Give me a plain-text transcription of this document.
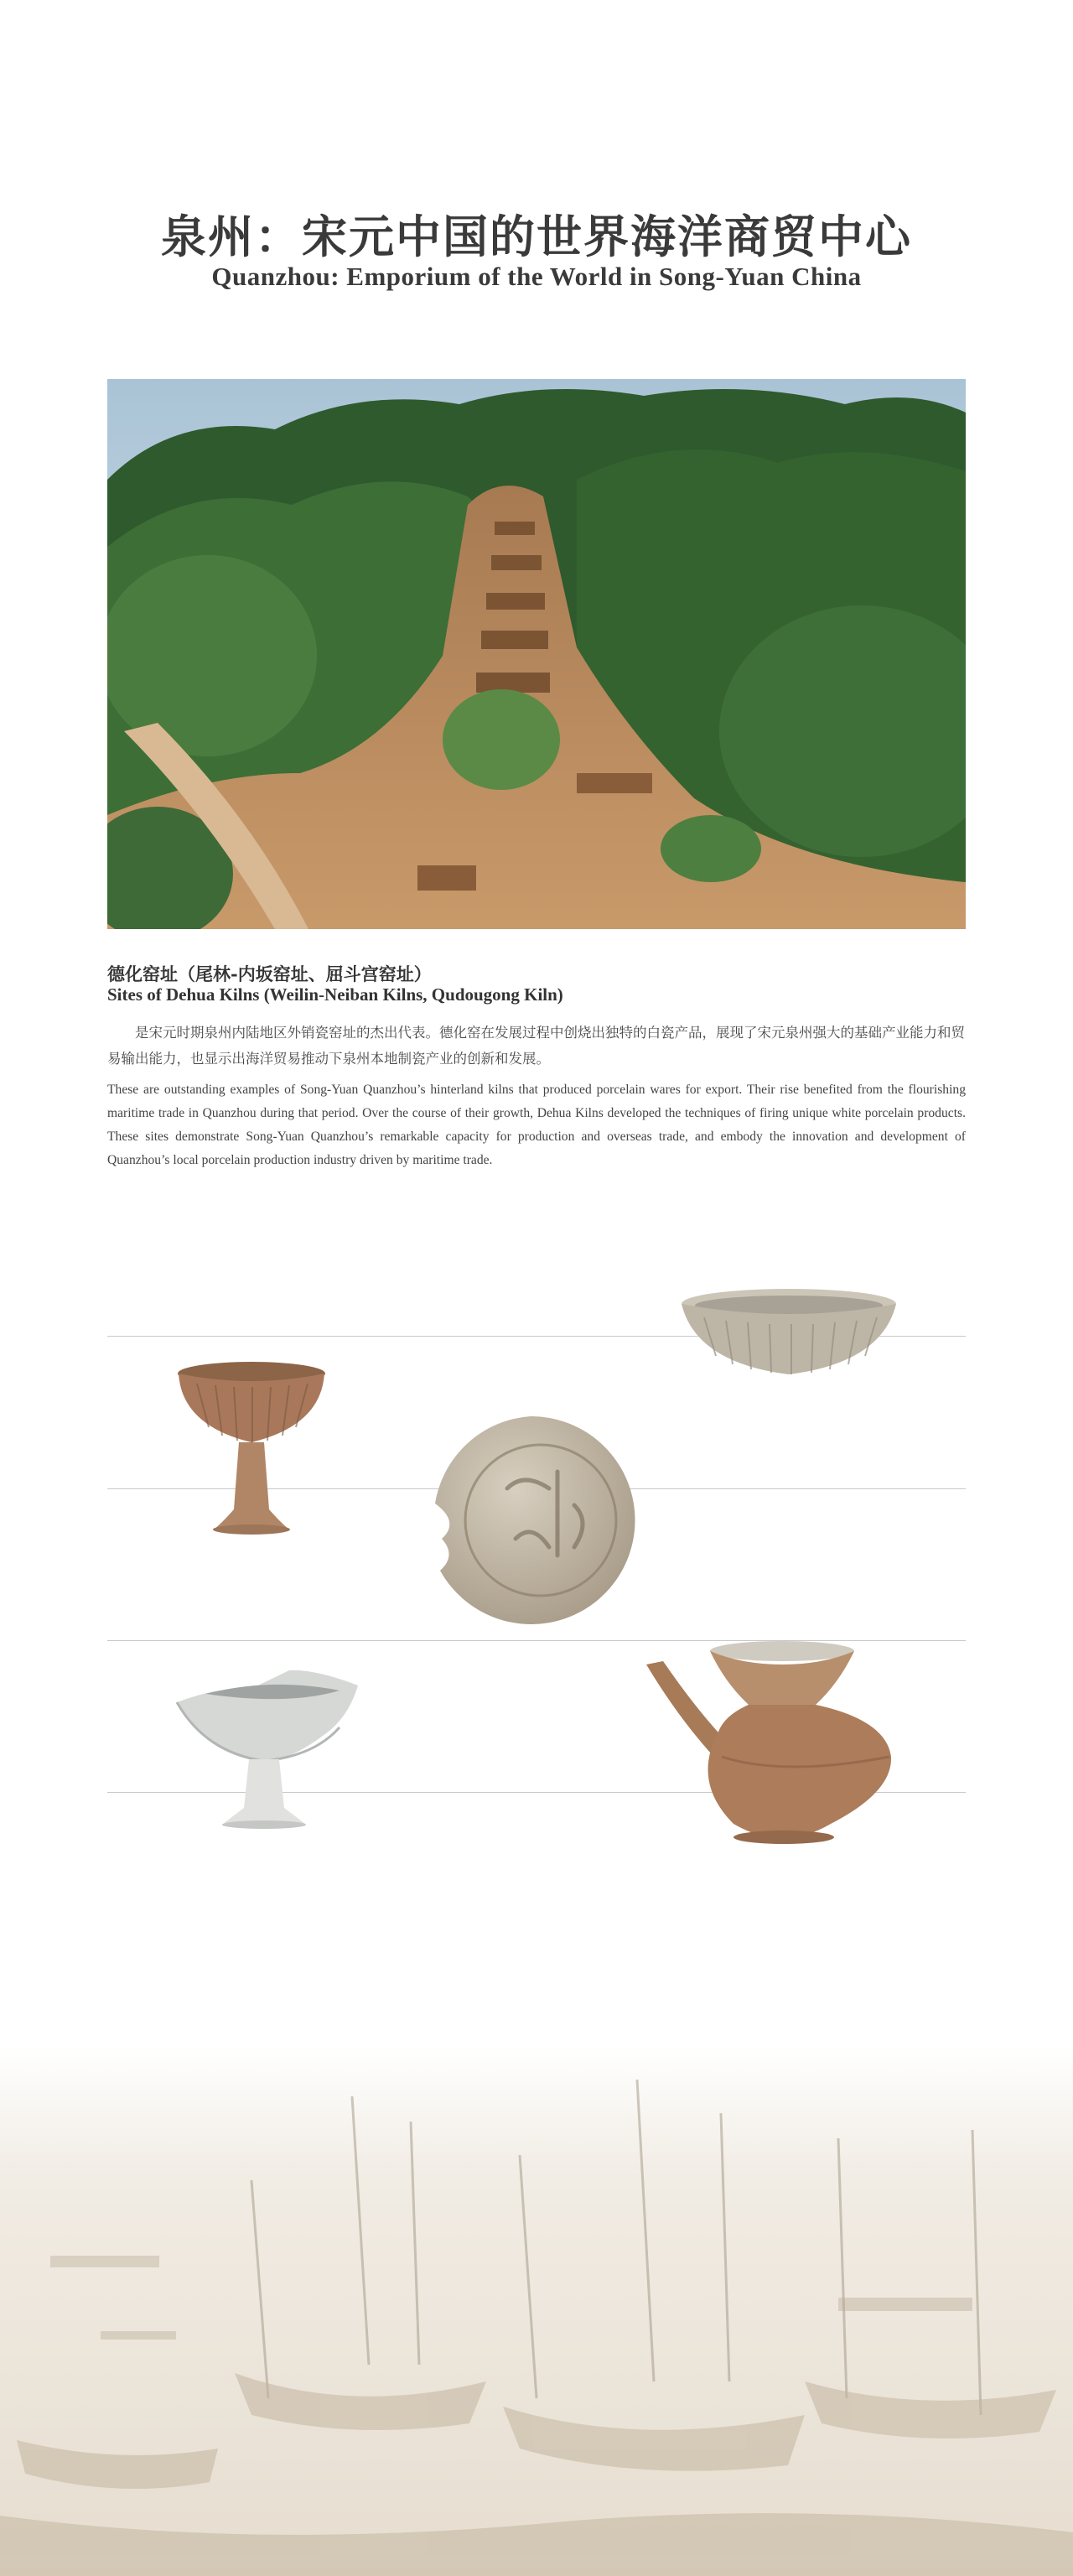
泉州：宋元中国的世界海洋商贸中心
Quanzhou: Emporium of the World in Song-Yuan China
德化窑址（尾林-内坂窑址、屈斗宫窑址）
Sites of Dehua Kilns (Weilin-Neiban Kilns, Qudougong Kiln)

是宋元时期泉州内陆地区外销瓷窑址的杰出代表。德化窑在发展过程中创烧出独特的白瓷产品，展现了宋元泉州强大的基础产业能力和贸易输出能力，也显示出海洋贸易推动下泉州本地制瓷产业的创新和发展。

These are outstanding examples of Song-Yuan Quanzhou’s hinterland kilns that produced porcelain wares for export. Their rise benefited from the flourishing maritime trade in Quanzhou during that period. Over the course of their growth, Dehua Kilns developed the techniques of firing unique white porcelain products. These sites demonstrate Song-Yuan Quanzhou’s remarkable capacity for production and overseas trade, and embody the innovation and development of Quanzhou’s local porcelain production industry driven by maritime trade.
